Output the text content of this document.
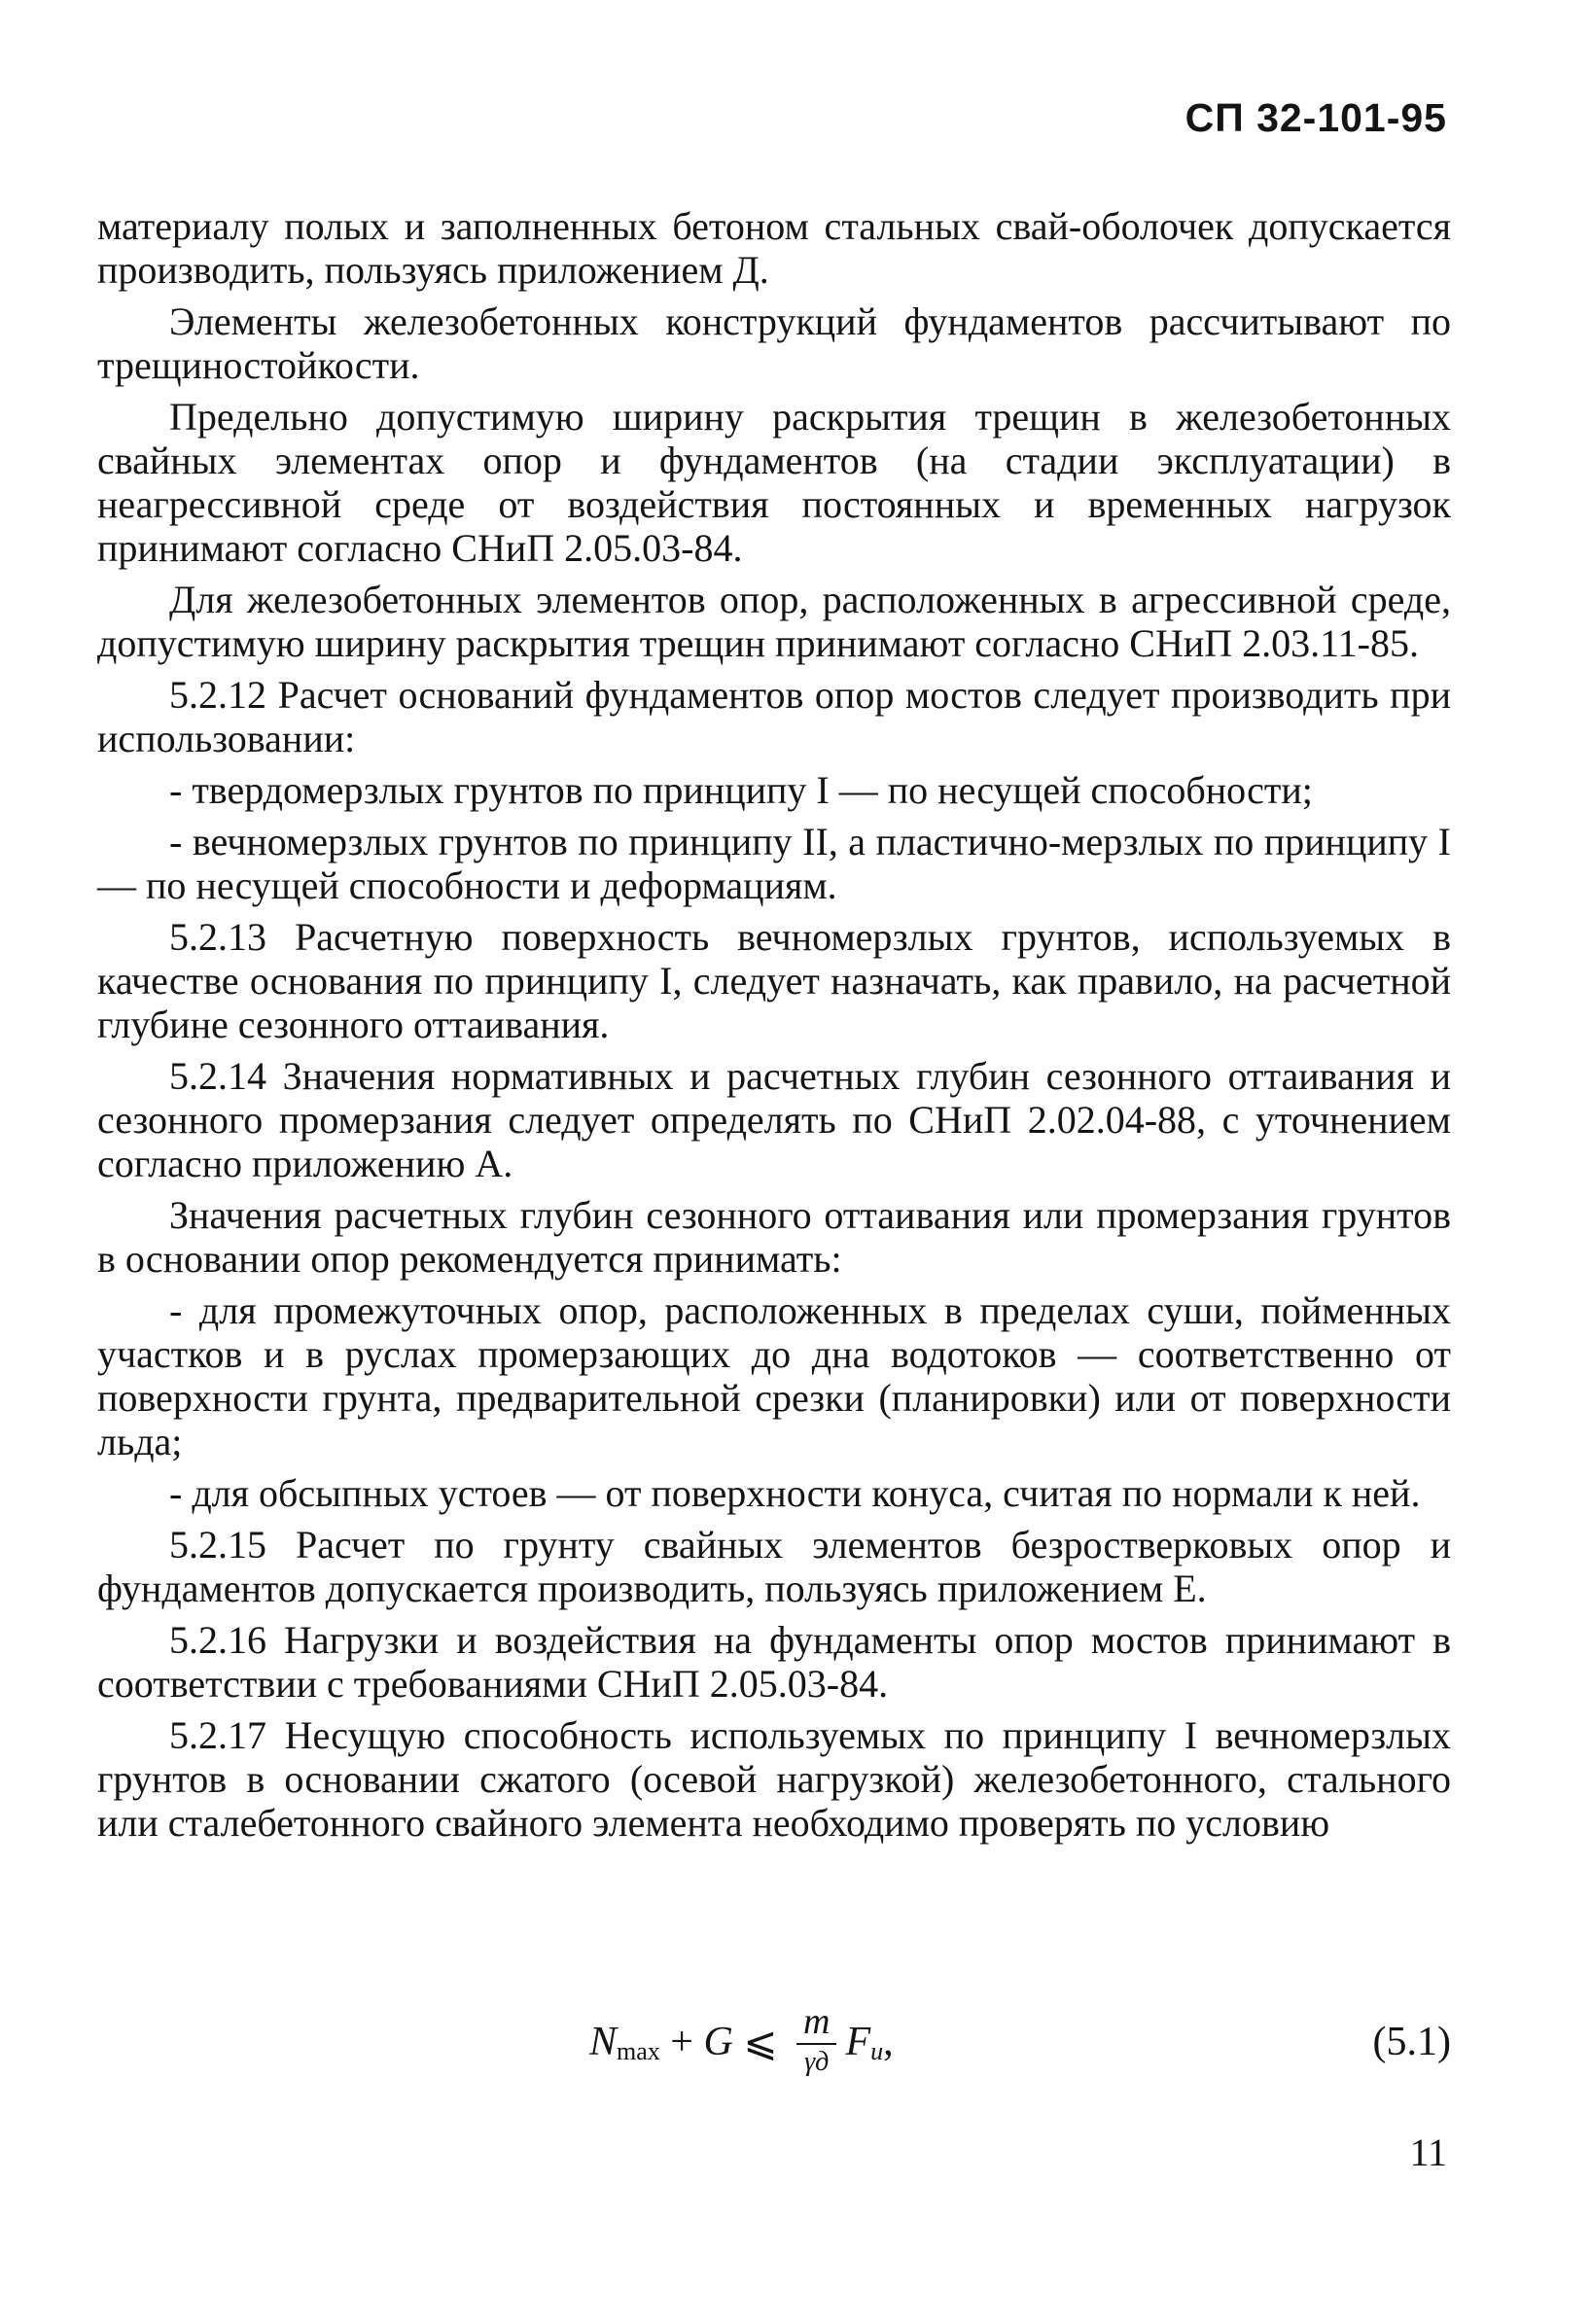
СП 32-101-95

материалу полых и заполненных бетоном стальных свай-оболочек допускается производить, пользуясь приложением Д.

Элементы железобетонных конструкций фундаментов рассчитывают по трещиностойкости.

Предельно допустимую ширину раскрытия трещин в железобетонных свайных элементах опор и фундаментов (на стадии эксплуатации) в неагрессивной среде от воздействия постоянных и временных нагрузок принимают согласно СНиП 2.05.03-84.

Для железобетонных элементов опор, расположенных в агрессивной среде, допустимую ширину раскрытия трещин принимают согласно СНиП 2.03.11-85.

5.2.12 Расчет оснований фундаментов опор мостов следует производить при использовании:

- твердомерзлых грунтов по принципу I — по несущей способности;

- вечномерзлых грунтов по принципу II, а пластично-мерзлых по принципу I — по несущей способности и деформациям.

5.2.13 Расчетную поверхность вечномерзлых грунтов, используемых в качестве основания по принципу I, следует назначать, как правило, на расчетной глубине сезонного оттаивания.

5.2.14 Значения нормативных и расчетных глубин сезонного оттаивания и сезонного промерзания следует определять по СНиП 2.02.04-88, с уточнением согласно приложению А.

Значения расчетных глубин сезонного оттаивания или промерзания грунтов в основании опор рекомендуется принимать:

- для промежуточных опор, расположенных в пределах суши, пойменных участков и в руслах промерзающих до дна водотоков — соответственно от поверхности грунта, предварительной срезки (планировки) или от поверхности льда;

- для обсыпных устоев — от поверхности конуса, считая по нормали к ней.

5.2.15 Расчет по грунту свайных элементов безростверковых опор и фундаментов допускается производить, пользуясь приложением Е.

5.2.16 Нагрузки и воздействия на фундаменты опор мостов принимают в соответствии с требованиями СНиП 2.05.03-84.

5.2.17 Несущую способность используемых по принципу I вечномерзлых грунтов в основании сжатого (осевой нагрузкой) железобетонного, стального или сталебетонного свайного элемента необходимо проверять по условию

N max + G ⩽ $\frac{m}{\gamma д}$ F u ,	(5.1)
11
